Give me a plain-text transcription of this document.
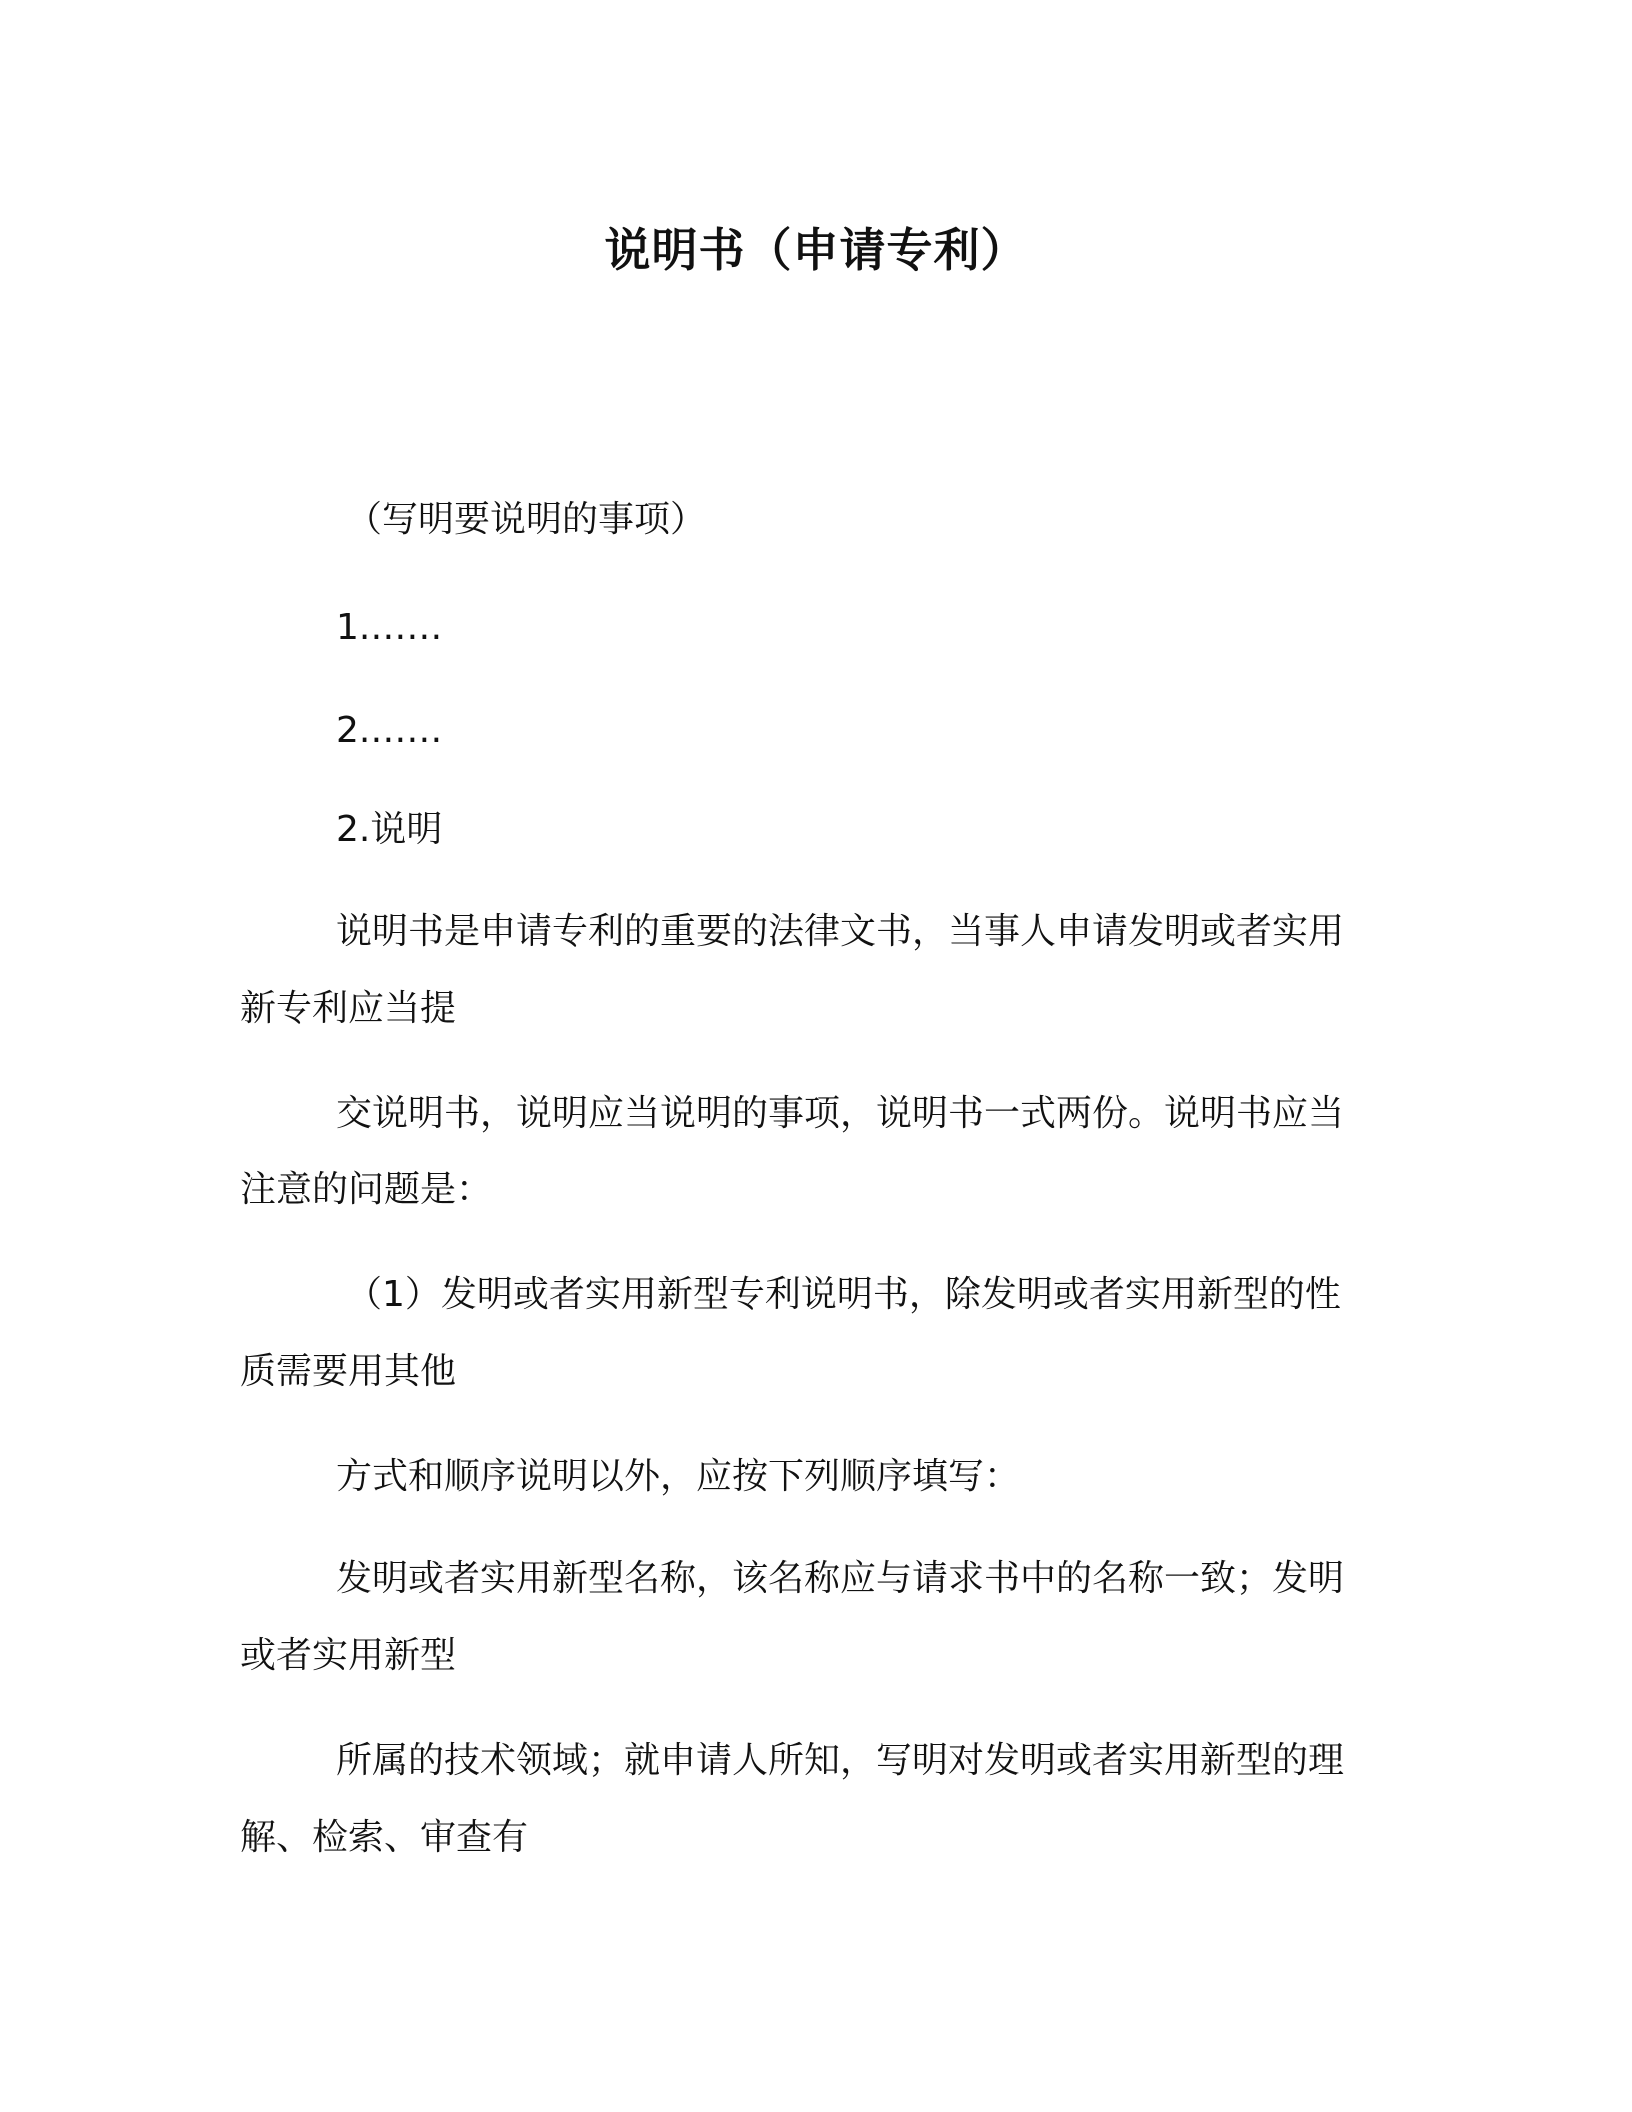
说明书（申请专利）
（写明要说明的事项）
1.……
2.……
2.说明
说明书是申请专利的重要的法律文书，当事人申请发明或者实用
新专利应当提
交说明书，说明应当说明的事项，说明书一式两份。说明书应当
注意的问题是：
（1）发明或者实用新型专利说明书，除发明或者实用新型的性
质需要用其他
方式和顺序说明以外，应按下列顺序填写：
发明或者实用新型名称，该名称应与请求书中的名称一致；发明
或者实用新型
所属的技术领域；就申请人所知，写明对发明或者实用新型的理
解、检索、审查有
